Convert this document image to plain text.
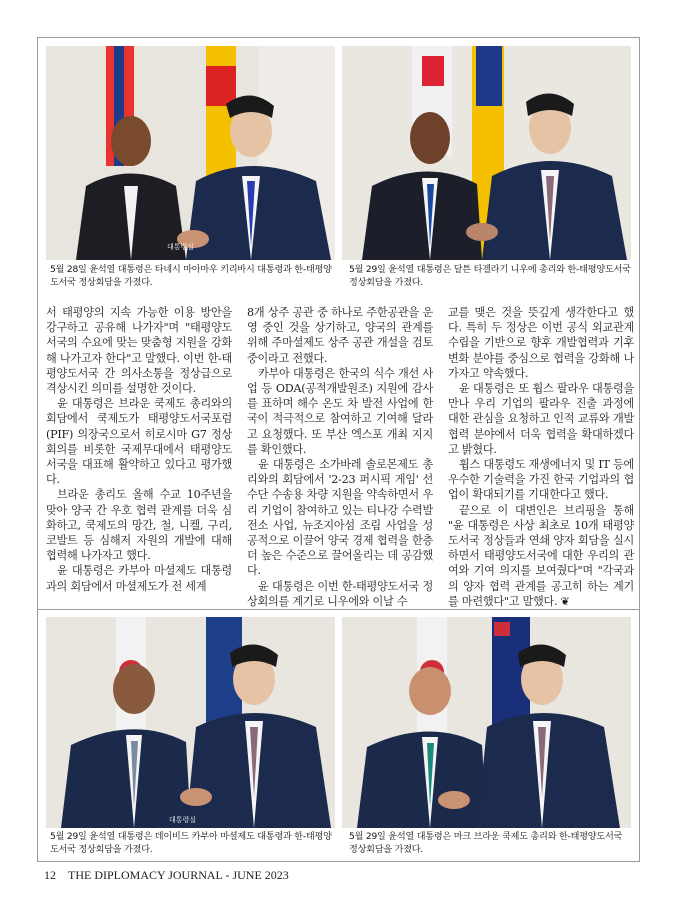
대통령실
5월 28일 윤석열 대통령은 타네시 마아마우 키리바시 대통령과 한-태평양도서국 정상회담을 가졌다.
5월 29일 윤석열 대통령은 달튼 타겔라기 니우에 총리와 한-태평양도서국 정상회담을 가졌다.

서 태평양의 지속 가능한 이용 방안을 강구하고 공유해 나가자"며 "태평양도서국의 수요에 맞는 맞춤형 지원을 강화해 나가고자 한다"고 말했다. 이번 한-태평양도서국 간 의사소통을 정상급으로 격상시킨 의미를 설명한 것이다.

윤 대통령은 브라운 쿡제도 총리와의 회담에서 쿡제도가 태평양도서국포럼(PIF) 의장국으로서 히로시마 G7 정상회의를 비롯한 국제무대에서 태평양도서국을 대표해 활약하고 있다고 평가했다.

브라운 총리도 올해 수교 10주년을 맞아 양국 간 우호 협력 관계를 더욱 심화하고, 쿡제도의 망간, 철, 니켈, 구리, 코발트 등 심해저 자원의 개발에 대해 협력해 나가자고 했다.

윤 대통령은 카부아 마셜제도 대통령과의 회담에서 마셜제도가 전 세계

8개 상주 공관 중 하나로 주한공관을 운영 중인 것을 상기하고, 양국의 관계를 위해 주마셜제도 상주 공관 개설을 검토 중이라고 전했다.

카부아 대통령은 한국의 식수 개선 사업 등 ODA(공적개발원조) 지원에 감사를 표하며 해수 온도 차 발전 사업에 한국이 적극적으로 참여하고 기여해 달라고 요청했다. 또 부산 엑스포 개최 지지를 확인했다.

윤 대통령은 소가바레 솔로몬제도 총리와의 회담에서 '2-23 퍼시픽 게임' 선수단 수송용 차량 지원을 약속하면서 우리 기업이 참여하고 있는 티나강 수력발전소 사업, 뉴조지아섬 조림 사업을 성공적으로 이끌어 양국 경제 협력을 한층 더 높은 수준으로 끌어올리는 데 공감했다.

윤 대통령은 이번 한-태평양도서국 정상회의를 계기로 니우에와 이날 수

교를 맺은 것을 뜻깊게 생각한다고 했다. 특히 두 정상은 이번 공식 외교관계 수립을 기반으로 향후 개발협력과 기후변화 분야를 중심으로 협력을 강화해 나가자고 약속했다.

윤 대통령은 또 휩스 팔라우 대통령을 만나 우리 기업의 팔라우 진출 과정에 대한 관심을 요청하고 인적 교류와 개발 협력 분야에서 더욱 협력을 확대하겠다고 밝혔다.

휩스 대통령도 재생에너지 및 IT 등에 우수한 기술력을 가진 한국 기업과의 협업이 확대되기를 기대한다고 했다.

끝으로 이 대변인은 브리핑을 통해 "윤 대통령은 사상 최초로 10개 태평양도서국 정상들과 연쇄 양자 회담을 실시하면서 태평양도서국에 대한 우리의 관여와 기여 의지를 보여줬다"며 "각국과의 양자 협력 관계를 공고히 하는 계기를 마련했다"고 말했다. ❦

대통령실
5월 29일 윤석열 대통령은 데이비드 카부아 마셜제도 대통령과 한-태평양도서국 정상회담을 가졌다.
5월 29일 윤석열 대통령은 마크 브라운 쿡제도 총리와 한-태평양도서국 정상회담을 가졌다.
12 THE DIPLOMACY JOURNAL - JUNE 2023
